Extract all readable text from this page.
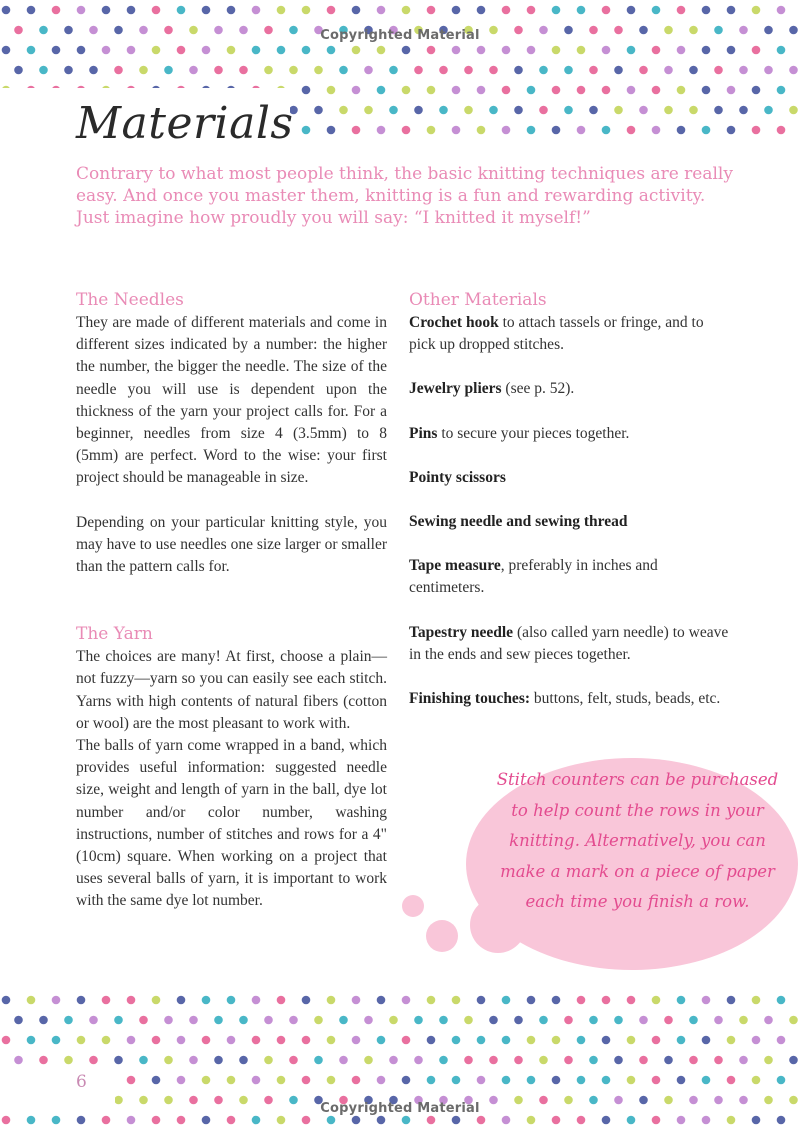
Copyrighted Material
Materials

Contrary to what most people think, the basic knitting techniques are really easy. And once you master them, knitting is a fun and rewarding activity. Just imagine how proudly you will say: “I knitted it myself!”

The Needles

They are made of different materials and come in different sizes indicated by a number: the higher the number, the bigger the needle. The size of the needle you will use is dependent upon the thickness of the yarn your project calls for. For a beginner, needles from size 4 (3.5mm) to 8 (5mm) are perfect. Word to the wise: your first project should be manageable in size.

Depending on your particular knitting style, you may have to use needles one size larger or smaller than the pattern calls for.

The Yarn

The choices are many! At first, choose a plain—not fuzzy—yarn so you can easily see each stitch. Yarns with high contents of natural fibers (cotton or wool) are the most pleasant to work with.

The balls of yarn come wrapped in a band, which provides useful information: suggested needle size, weight and length of yarn in the ball, dye lot number and/or color number, washing instructions, number of stitches and rows for a 4" (10cm) square. When working on a project that uses several balls of yarn, it is important to work with the same dye lot number.

Other Materials

Crochet hook to attach tassels or fringe, and to pick up dropped stitches.

Jewelry pliers (see p. 52).

Pins to secure your pieces together.

Pointy scissors

Sewing needle and sewing thread

Tape measure, preferably in inches and centimeters.

Tapestry needle (also called yarn needle) to weave in the ends and sew pieces together.

Finishing touches: buttons, felt, studs, beads, etc.

Stitch counters can be purchased to help count the rows in your knitting. Alternatively, you can make a mark on a piece of paper each time you finish a row.
6
Copyrighted Material
